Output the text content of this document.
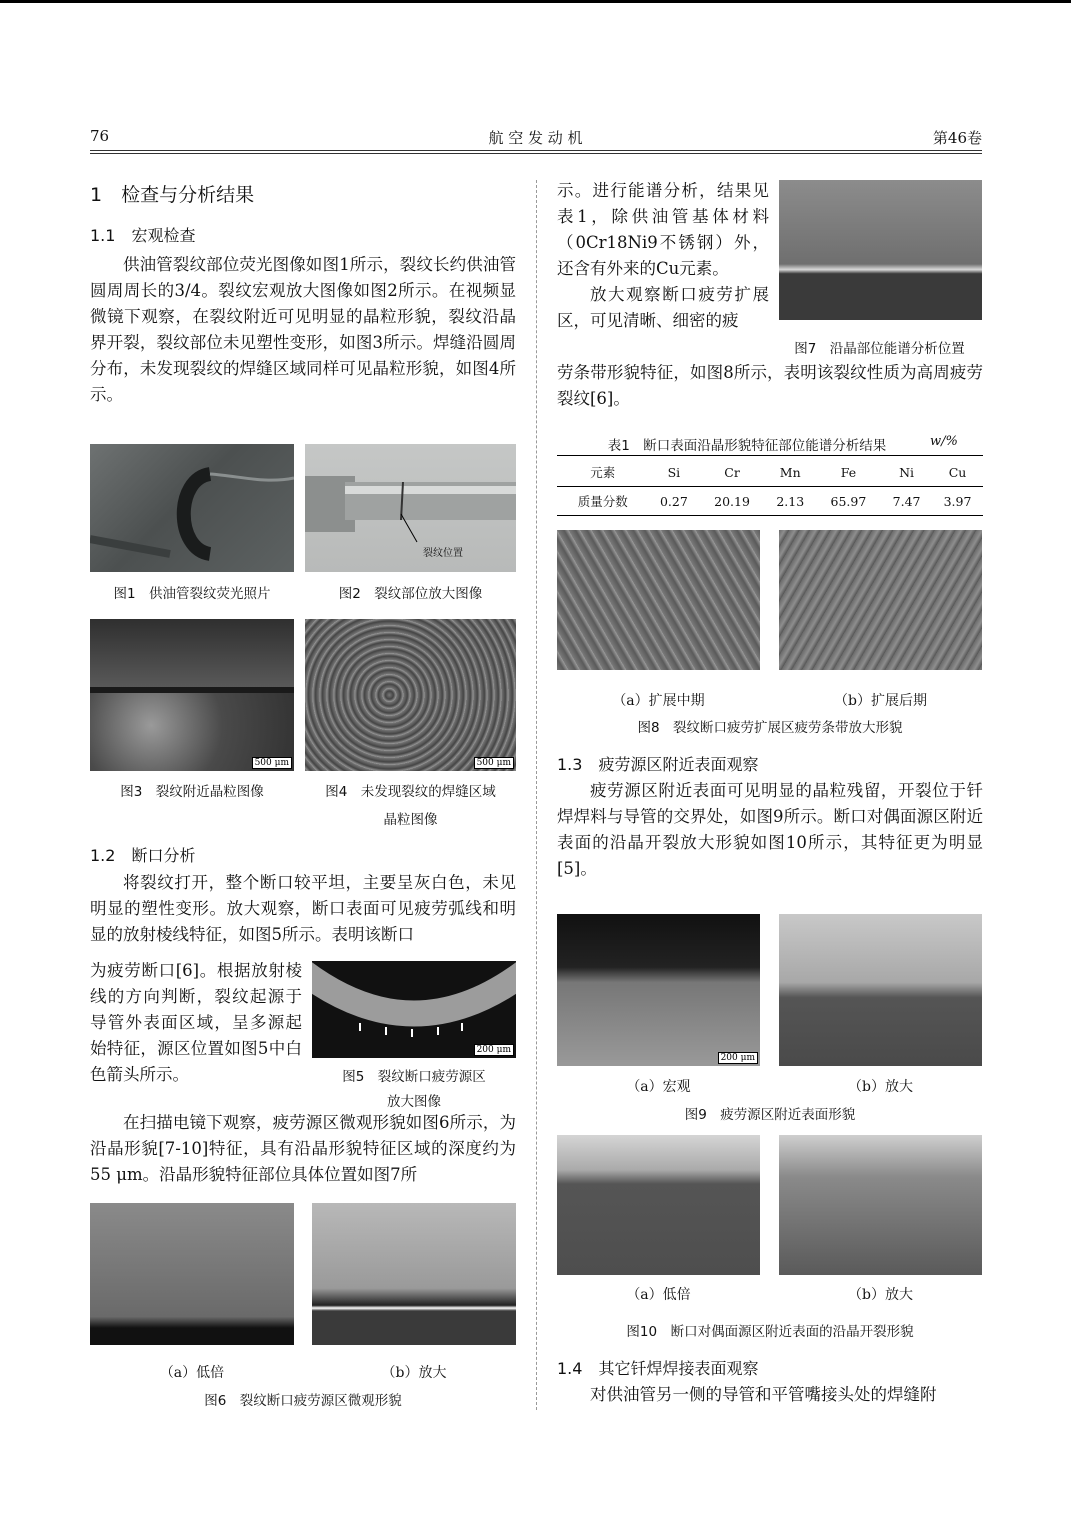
76	航 空 发 动 机	第46卷
1　检查与分析结果
1.1　宏观检查

供油管裂纹部位荧光图像如图1所示，裂纹长约供油管圆周周长的3/4。裂纹宏观放大图像如图2所示。在视频显微镜下观察，在裂纹附近可见明显的晶粒形貌，裂纹沿晶界开裂，裂纹部位未见塑性变形，如图3所示。焊缝沿圆周分布，未发现裂纹的焊缝区域同样可见晶粒形貌，如图4所示。

图1　供油管裂纹荧光照片
裂纹位置
图2　裂纹部位放大图像
500 μm
图3　裂纹附近晶粒图像
500 μm
图4　未发现裂纹的焊缝区域
晶粒图像
1.2　断口分析

将裂纹打开，整个断口较平坦，主要呈灰白色，未见明显的塑性变形。放大观察，断口表面可见疲劳弧线和明显的放射棱线特征，如图5所示。表明该断口

为疲劳断口[6]。根据放射棱线的方向判断，裂纹起源于导管外表面区域，呈多源起始特征，源区位置如图5中白色箭头所示。

200 μm
图5　裂纹断口疲劳源区
放大图像

在扫描电镜下观察，疲劳源区微观形貌如图6所示，为沿晶形貌[7-10]特征，具有沿晶形貌特征区域的深度约为55 μm。沿晶形貌特征部位具体位置如图7所

（a）低倍	（b）放大
图6　裂纹断口疲劳源区微观形貌

示。进行能谱分析，结果见表1，除供油管基体材料（0Cr18Ni9不锈钢）外，还含有外来的Cu元素。

放大观察断口疲劳扩展区，可见清晰、细密的疲

图7　沿晶部位能谱分析位置

劳条带形貌特征，如图8所示，表明该裂纹性质为高周疲劳裂纹[6]。

表1　断口表面沿晶形貌特征部位能谱分析结果	w/%
元素	Si	Cr	Mn	Fe	Ni	Cu
质量分数	0.27	20.19	2.13	65.97	7.47	3.97
（a）扩展中期	（b）扩展后期
图8　裂纹断口疲劳扩展区疲劳条带放大形貌
1.3　疲劳源区附近表面观察

疲劳源区附近表面可见明显的晶粒残留，开裂位于钎焊焊料与导管的交界处，如图9所示。断口对偶面源区附近表面的沿晶开裂放大形貌如图10所示，其特征更为明显[5]。

200 μm
（a）宏观	（b）放大
图9　疲劳源区附近表面形貌
（a）低倍	（b）放大
图10　断口对偶面源区附近表面的沿晶开裂形貌
1.4　其它钎焊焊接表面观察

对供油管另一侧的导管和平管嘴接头处的焊缝附
